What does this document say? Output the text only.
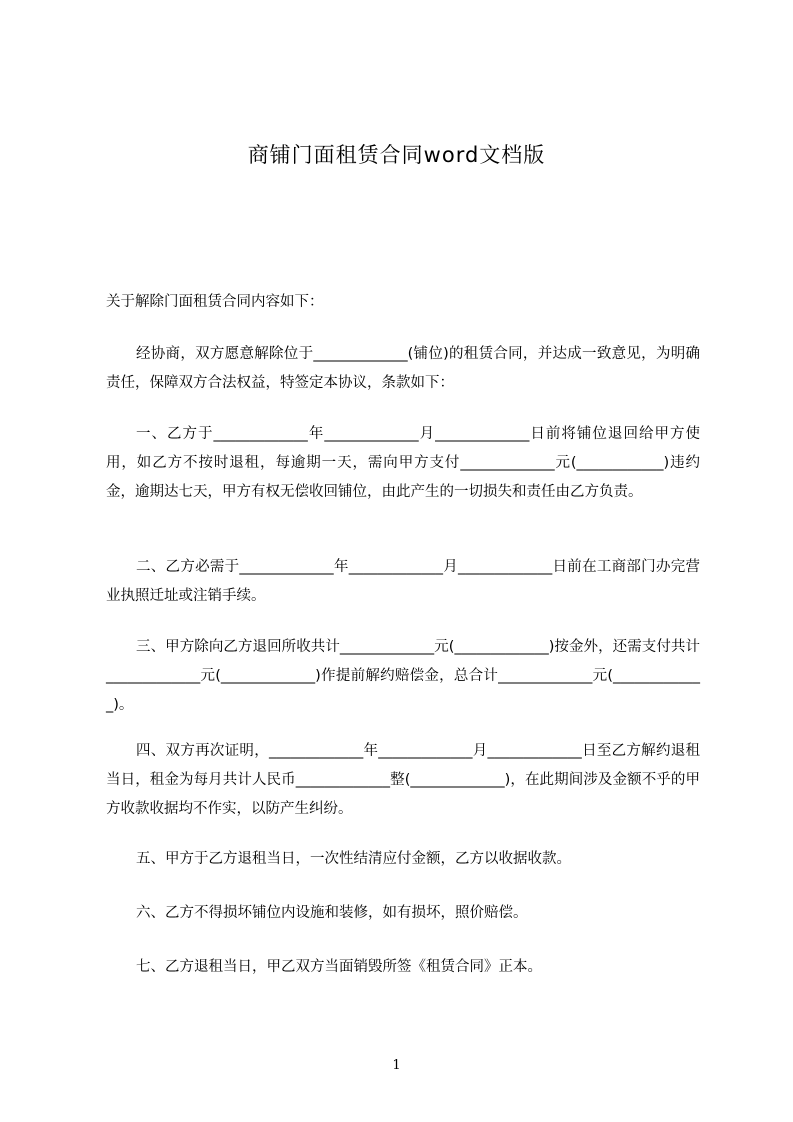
商铺门面租赁合同word文档版
关于解除门面租赁合同内容如下：
经协商，双方愿意解除位于_____________(铺位)的租赁合同，并达成一致意见，为明确责任，保障双方合法权益，特签定本协议，条款如下：
一、乙方于_____________年_____________月_____________日前将铺位退回给甲方使用，如乙方不按时退租，每逾期一天，需向甲方支付_____________元(____________)违约金，逾期达七天，甲方有权无偿收回铺位，由此产生的一切损失和责任由乙方负责。
二、乙方必需于_____________年_____________月_____________日前在工商部门办完营业执照迁址或注销手续。
三、甲方除向乙方退回所收共计_____________元(_____________)按金外，还需支付共计_____________元(_____________)作提前解约赔偿金，总合计_____________元(_____________)。
四、双方再次证明，_____________年_____________月_____________日至乙方解约退租当日，租金为每月共计人民币_____________整(_____________)，在此期间涉及金额不乎的甲方收款收据均不作实，以防产生纠纷。
五、甲方于乙方退租当日，一次性结清应付金额，乙方以收据收款。
六、乙方不得损坏铺位内设施和装修，如有损坏，照价赔偿。
七、乙方退租当日，甲乙双方当面销毁所签《租赁合同》正本。
1
